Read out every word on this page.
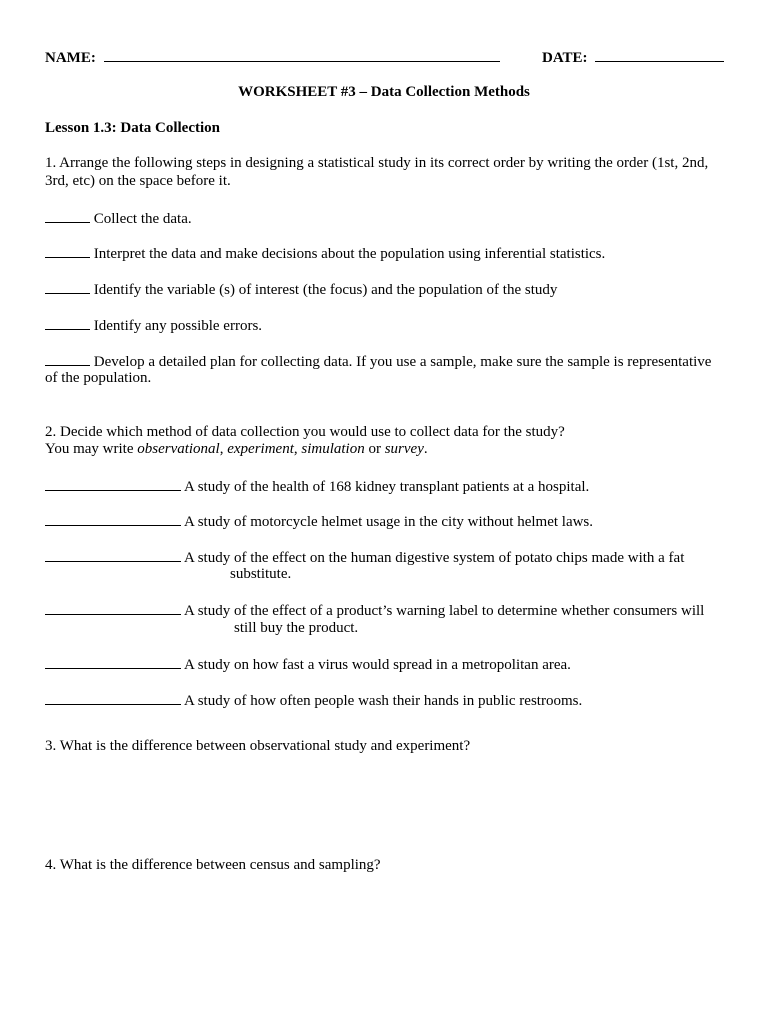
NAME:	DATE:
WORKSHEET #3 – Data Collection Methods
Lesson 1.3: Data Collection
1. Arrange the following steps in designing a statistical study in its correct order by writing the order (1st, 2nd,
3rd, etc) on the space before it.
Collect the data.
Interpret the data and make decisions about the population using inferential statistics.
Identify the variable (s) of interest (the focus) and the population of the study
Identify any possible errors.
Develop a detailed plan for collecting data. If you use a sample, make sure the sample is representative
of the population.
2. Decide which method of data collection you would use to collect data for the study?
You may write observational, experiment, simulation or survey.
A study of the health of 168 kidney transplant patients at a hospital.
A study of motorcycle helmet usage in the city without helmet laws.
A study of the effect on the human digestive system of potato chips made with a fat
substitute.
A study of the effect of a product’s warning label to determine whether consumers will
still buy the product.
A study on how fast a virus would spread in a metropolitan area.
A study of how often people wash their hands in public restrooms.
3. What is the difference between observational study and experiment?
4. What is the difference between census and sampling?
